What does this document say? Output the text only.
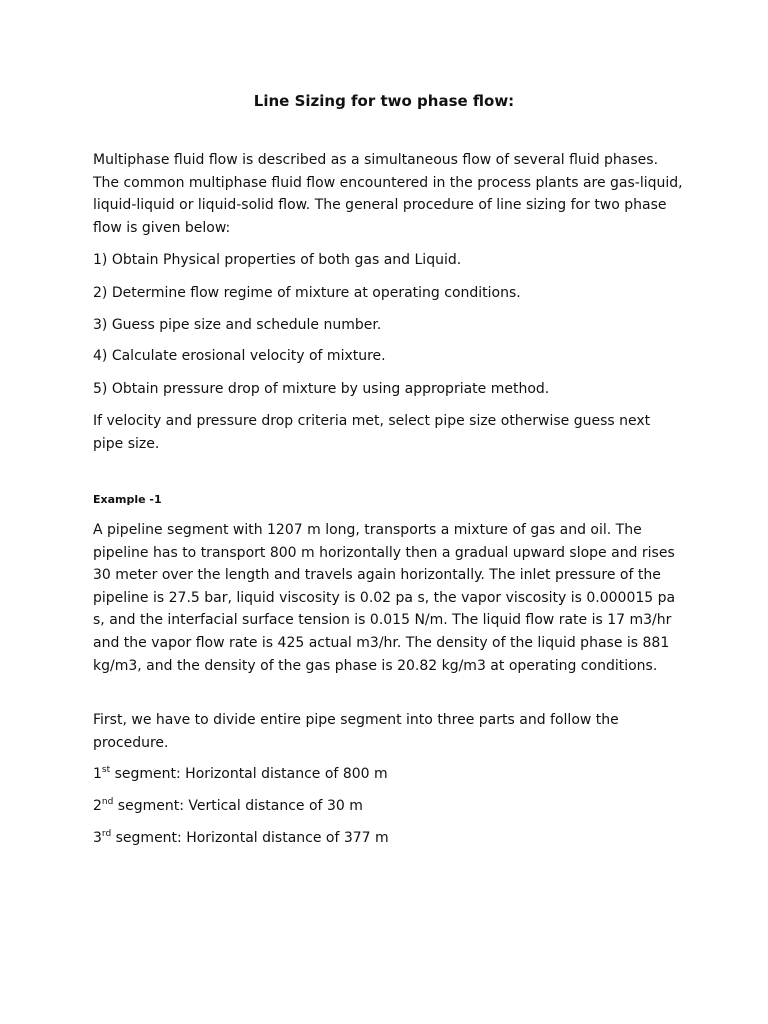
Line Sizing for two phase flow:

Multiphase fluid flow is described as a simultaneous flow of several fluid phases. The common multiphase fluid flow encountered in the process plants are gas-liquid, liquid-liquid or liquid-solid flow. The general procedure of line sizing for two phase flow is given below:

1) Obtain Physical properties of both gas and Liquid.

2) Determine flow regime of mixture at operating conditions.

3) Guess pipe size and schedule number.

4) Calculate erosional velocity of mixture.

5) Obtain pressure drop of mixture by using appropriate method.

If velocity and pressure drop criteria met, select pipe size otherwise guess next pipe size.

Example -1

A pipeline segment with 1207 m long, transports a mixture of gas and oil. The pipeline has to transport 800 m horizontally then a gradual upward slope and rises 30 meter over the length and travels again horizontally. The inlet pressure of the pipeline is 27.5 bar, liquid viscosity is 0.02 pa s, the vapor viscosity is 0.000015 pa s, and the interfacial surface tension is 0.015 N/m. The liquid flow rate is 17 m3/hr and the vapor flow rate is 425 actual m3/hr. The density of the liquid phase is 881 kg/m3, and the density of the gas phase is 20.82 kg/m3 at operating conditions.

First, we have to divide entire pipe segment into three parts and follow the procedure.

1st segment: Horizontal distance of 800 m

2nd segment: Vertical distance of 30 m

3rd segment: Horizontal distance of 377 m
